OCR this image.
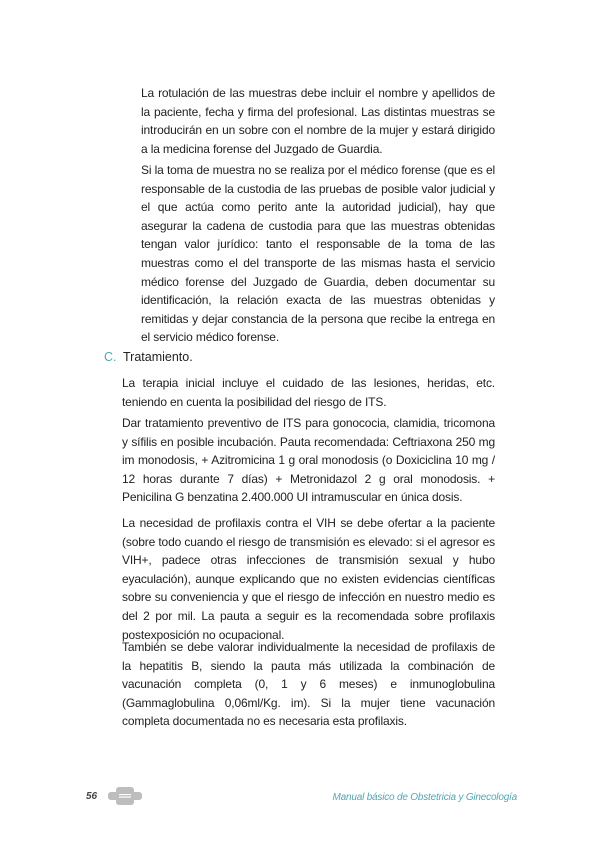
La rotulación de las muestras debe incluir el nombre y apellidos de la paciente, fecha y firma del profesional. Las distintas muestras se introducirán en un sobre con el nombre de la mujer y estará dirigido a la medicina forense del Juzgado de Guardia.

Si la toma de muestra no se realiza por el médico forense (que es el responsable de la custodia de las pruebas de posible valor judicial y el que actúa como perito ante la autoridad judicial), hay que asegurar la cadena de custodia para que las muestras obtenidas tengan valor jurídico: tanto el responsable de la toma de las muestras como el del transporte de las mismas hasta el servicio médico forense del Juzgado de Guardia, deben documentar su identificación, la relación exacta de las muestras obtenidas y remitidas y dejar constancia de la persona que recibe la entrega en el servicio médico forense.

C. Tratamiento.

La terapia inicial incluye el cuidado de las lesiones, heridas, etc. teniendo en cuenta la posibilidad del riesgo de ITS.

Dar tratamiento preventivo de ITS para gonococia, clamidia, tricomona y sífilis en posible incubación. Pauta recomendada: Ceftriaxona 250 mg im monodosis, + Azitromicina 1 g oral monodosis (o Doxiciclina 10 mg / 12 horas durante 7 días) + Metronidazol 2 g oral monodosis. + Penicilina G benzatina 2.400.000 UI intramuscular en única dosis.

La necesidad de profilaxis contra el VIH se debe ofertar a la paciente (sobre todo cuando el riesgo de transmisión es elevado: si el agresor es VIH+, padece otras infecciones de transmisión sexual y hubo eyaculación), aunque explicando que no existen evidencias científicas sobre su conveniencia y que el riesgo de infección en nuestro medio es del 2 por mil. La pauta a seguir es la recomendada sobre profilaxis postexposición no ocupacional.

También se debe valorar individualmente la necesidad de profilaxis de la hepatitis B, siendo la pauta más utilizada la combinación de vacunación completa (0, 1 y 6 meses) e inmunoglobulina (Gammaglobulina 0,06ml/Kg. im). Si la mujer tiene vacunación completa documentada no es necesaria esta profilaxis.

56	Manual básico de Obstetricia y Ginecología
